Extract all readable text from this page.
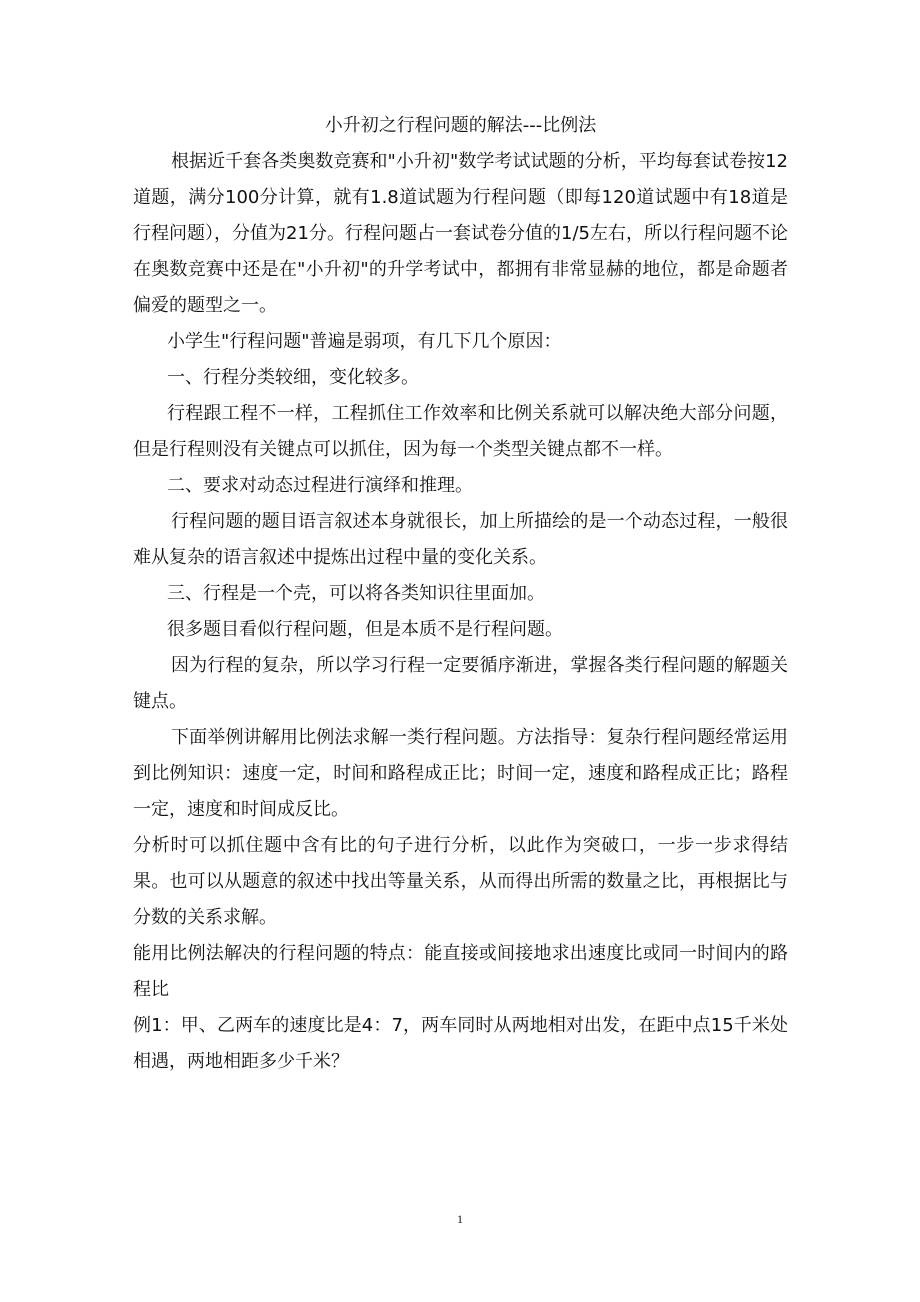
小升初之行程问题的解法---比例法

根据近千套各类奥数竞赛和"小升初"数学考试试题的分析，平均每套试卷按12道题，满分100分计算，就有1.8道试题为行程问题（即每120道试题中有18道是行程问题），分值为21分。行程问题占一套试卷分值的1/5左右，所以行程问题不论在奥数竞赛中还是在"小升初"的升学考试中，都拥有非常显赫的地位，都是命题者偏爱的题型之一。

小学生"行程问题"普遍是弱项，有几下几个原因：

一、行程分类较细，变化较多。

行程跟工程不一样，工程抓住工作效率和比例关系就可以解决绝大部分问题，但是行程则没有关键点可以抓住，因为每一个类型关键点都不一样。

二、要求对动态过程进行演绎和推理。

行程问题的题目语言叙述本身就很长，加上所描绘的是一个动态过程，一般很难从复杂的语言叙述中提炼出过程中量的变化关系。

三、行程是一个壳，可以将各类知识往里面加。

很多题目看似行程问题，但是本质不是行程问题。

因为行程的复杂，所以学习行程一定要循序渐进，掌握各类行程问题的解题关键点。

下面举例讲解用比例法求解一类行程问题。方法指导：复杂行程问题经常运用到比例知识：速度一定，时间和路程成正比；时间一定，速度和路程成正比；路程一定，速度和时间成反比。

分析时可以抓住题中含有比的句子进行分析，以此作为突破口，一步一步求得结果。也可以从题意的叙述中找出等量关系，从而得出所需的数量之比，再根据比与分数的关系求解。

能用比例法解决的行程问题的特点：能直接或间接地求出速度比或同一时间内的路程比

例1：甲、乙两车的速度比是4：7，两车同时从两地相对出发，在距中点15千米处相遇，两地相距多少千米？

1
